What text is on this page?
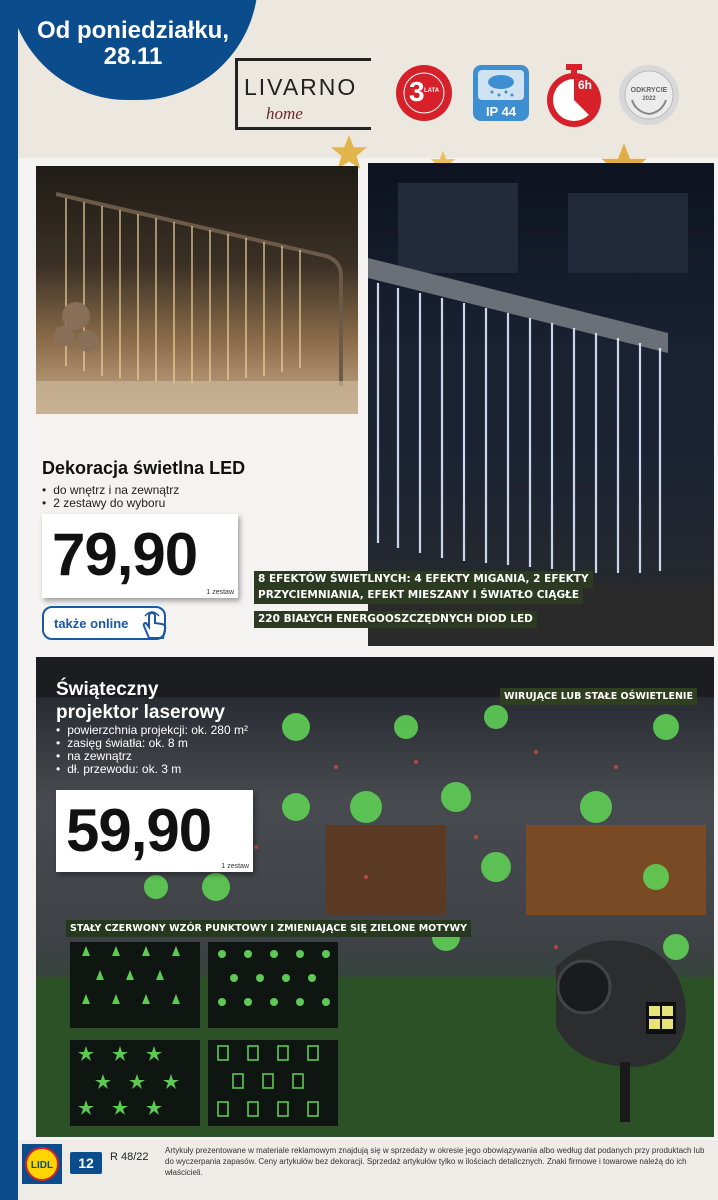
Od poniedziałku,
28.11
LIVARNO
home
3 LATA
IP 44
6h	ODKRYCIE
2022
Dekoracja świetlna LED
• do wnętrz i na zewnątrz
• 2 zestawy do wyboru
79,90
1 zestaw
także online
8 EFEKTÓW ŚWIETLNYCH: 4 EFEKTY MIGANIA, 2 EFEKTY
PRZYCIEMNIANIA, EFEKT MIESZANY I ŚWIATŁO CIĄGŁE
220 BIAŁYCH ENERGOOSZCZĘDNYCH DIOD LED
Świąteczny
projektor laserowy
• powierzchnia projekcji: ok. 280 m²
• zasięg światła: ok. 8 m
• na zewnątrz
• dł. przewodu: ok. 3 m
59,90
1 zestaw
WIRUJĄCE LUB STAŁE OŚWIETLENIE
STAŁY CZERWONY WZÓR PUNKTOWY I ZMIENIAJĄCE SIĘ ZIELONE MOTYWY
LIDL	12	R 48/22
Artykuły prezentowane w materiale reklamowym znajdują się w sprzedaży w okresie jego obowiązywania albo według dat podanych przy produktach lub do wyczerpania zapasów. Ceny artykułów bez dekoracji. Sprzedaż artykułów tylko w ilościach detalicznych. Znaki firmowe i towarowe należą do ich właścicieli.
